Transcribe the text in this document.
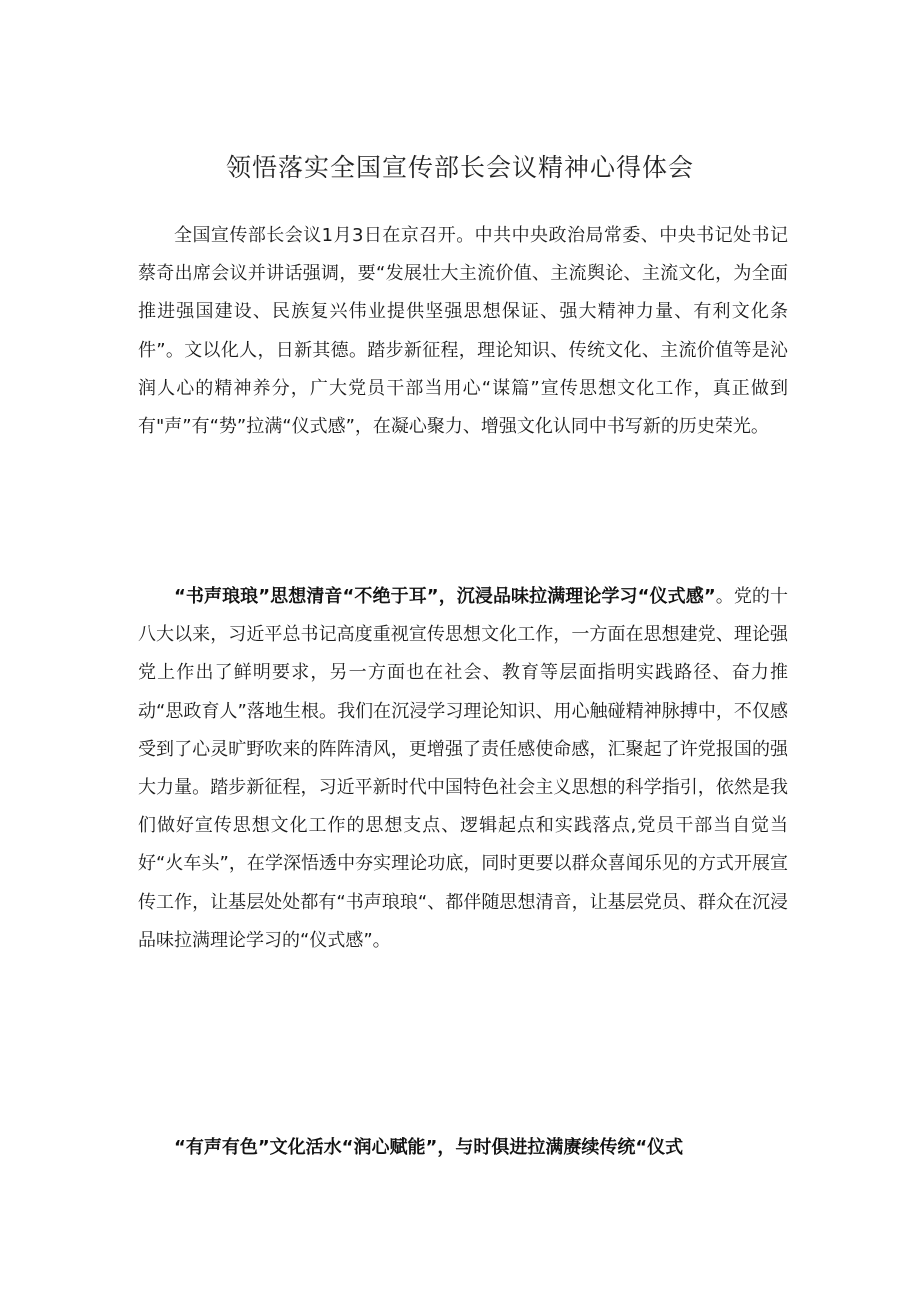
领悟落实全国宣传部长会议精神心得体会

全国宣传部长会议1月3日在京召开。中共中央政治局常委、中央书记处书记蔡奇出席会议并讲话强调，要“发展壮大主流价值、主流舆论、主流文化，为全面推进强国建设、民族复兴伟业提供坚强思想保证、强大精神力量、有利文化条件”。文以化人，日新其德。踏步新征程，理论知识、传统文化、主流价值等是沁润人心的精神养分，广大党员干部当用心“谋篇”宣传思想文化工作，真正做到有"声”有“势”拉满“仪式感”，在凝心聚力、增强文化认同中书写新的历史荣光。

“书声琅琅”思想清音“不绝于耳”，沉浸品味拉满理论学习“仪式感”。党的十八大以来，习近平总书记高度重视宣传思想文化工作，一方面在思想建党、理论强党上作出了鲜明要求，另一方面也在社会、教育等层面指明实践路径、奋力推动“思政育人”落地生根。我们在沉浸学习理论知识、用心触碰精神脉搏中，不仅感受到了心灵旷野吹来的阵阵清风，更增强了责任感使命感，汇聚起了许党报国的强大力量。踏步新征程，习近平新时代中国特色社会主义思想的科学指引，依然是我们做好宣传思想文化工作的思想支点、逻辑起点和实践落点,党员干部当自觉当好“火车头”，在学深悟透中夯实理论功底，同时更要以群众喜闻乐见的方式开展宣传工作，让基层处处都有“书声琅琅“、都伴随思想清音，让基层党员、群众在沉浸品味拉满理论学习的“仪式感”。

“有声有色”文化活水“润心赋能”，与时俱进拉满赓续传统“仪式
